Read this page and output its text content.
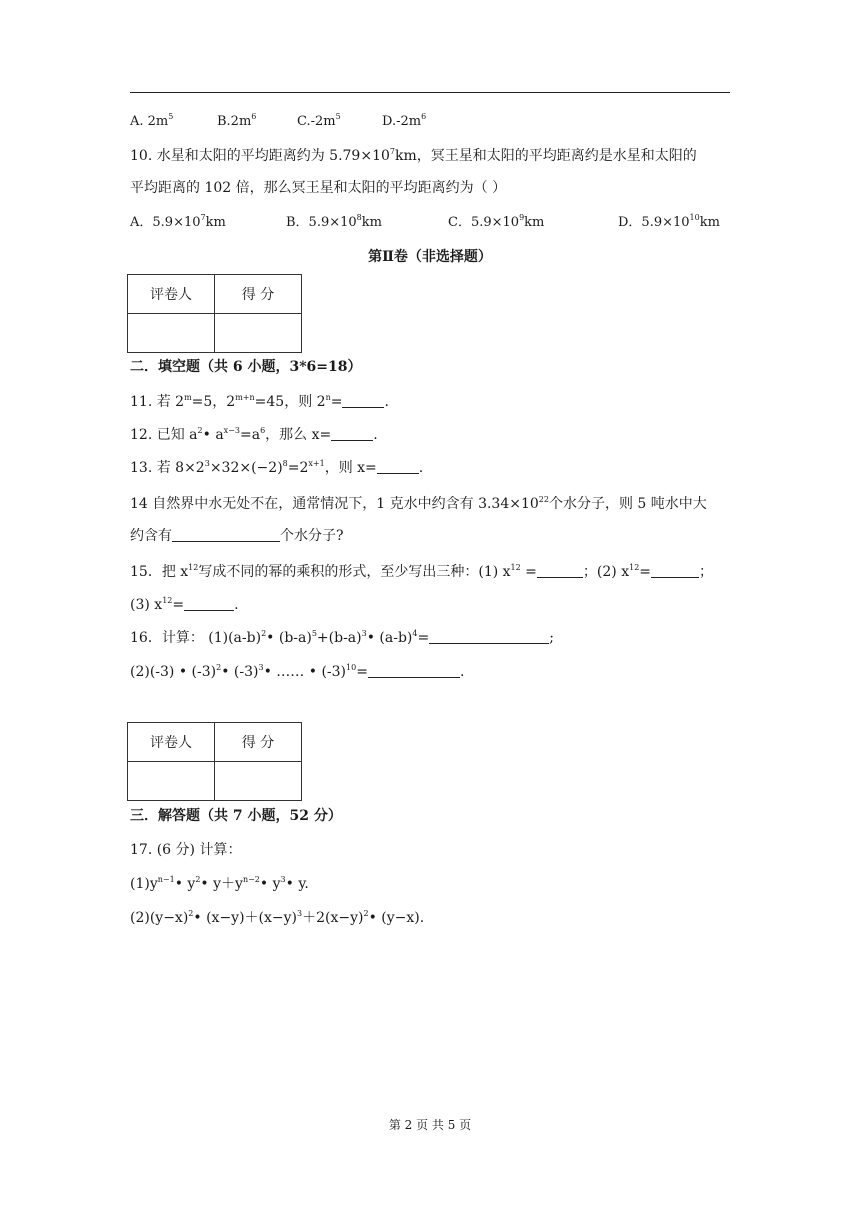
A. $2m^5$	$B.2m^6$	$C.-2m^5$	$D.-2m^6$
10. 水星和太阳的平均距离约为 $5.79\times 10^7km$，冥王星和太阳的平均距离约是水星和太阳的
平均距离的 102 倍，那么冥王星和太阳的平均距离约为（ ）
A．$5.9\times 10^7km$	B．$5.9\times 10^8km$	C．$5.9\times 10^9km$	D．$5.9\times 10^{10}km$
第Ⅱ卷（非选择题）
评卷人	得 分

二．填空题（共 6 小题，3*6=18）
11. 若 $2^m=5$，$2^{m+n}=45$，则 $2^n=$	.
12. 已知 $a^2•$ $a^{x-3}=a^6$，那么 x=	.
13. 若 $8\times 2^3\times 32\times(-2)^8=2^{x+1}$，则 x=	.
14 自然界中水无处不在，通常情况下，1 克水中约含有 $3.34\times 10^{22}$个水分子，则 5 吨水中大
约含有	个水分子?
15．把 $x^{12}$写成不同的幂的乘积的形式，至少写出三种：(1) $x^{12}$ =	；(2) $x^{12}=$	；
(3) $x^{12}=$	.
16．计算： $(1)(a-b)^2•$ $(b-a)^5+(b-a)^3•$ $(a-b)^4=$	;
(2)(-3) • $(-3)^2•$ $(-3)^3•$ …… • $(-3)^{10}=$	.
评卷人	得 分

三．解答题（共 7 小题，52 分）
17. (6 分) 计算：
$(1)y^{n-1}•$ $y^2•$ $y+y^{n-2}•$ $y^3•$ y.
$(2)(y-x)^2•$ $(x-y)+(x-y)^3+2(x-y)^2•$ (y−x).
第 2 页 共 5 页
